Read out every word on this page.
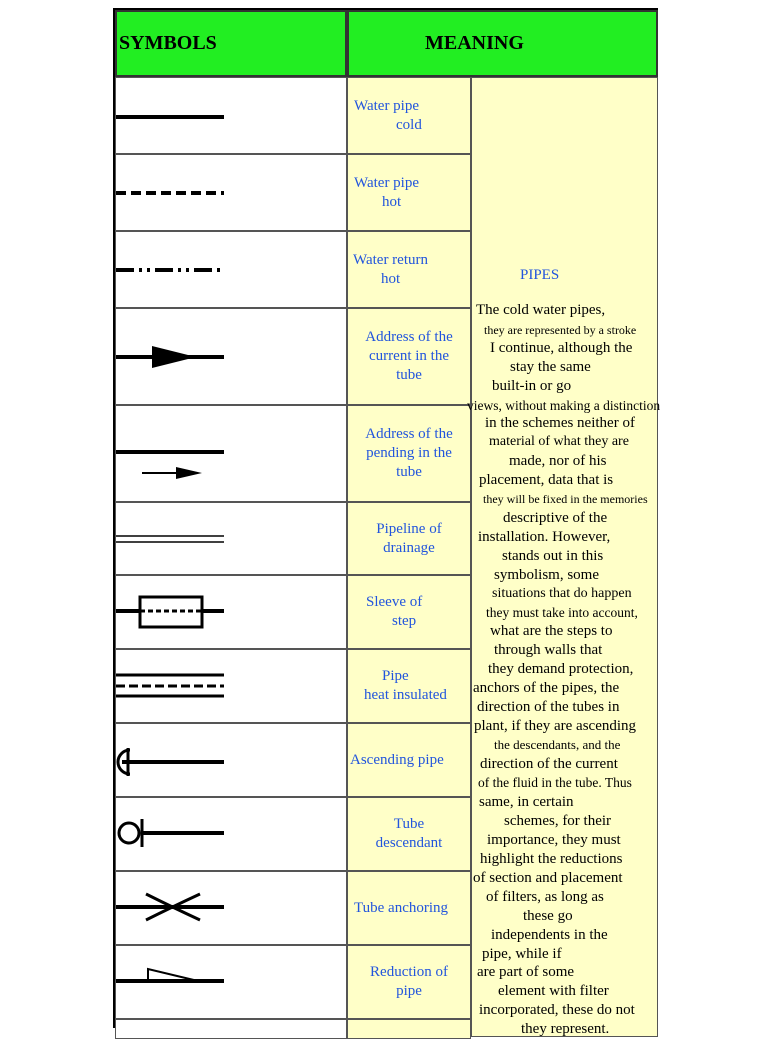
SYMBOLS	MEANING
Water pipe
cold
Water pipe
hot
Water return
hot
Address of the
current in the
tube
Address of the
pending in the
tube
Pipeline of
drainage
Sleeve of
step
Pipe
heat insulated
Ascending pipe
Tube
descendant
Tube anchoring
Reduction of
pipe
PIPES
The cold water pipes,
they are represented by a stroke
I continue, although the
stay the same
built-in or go
views, without making a distinction
in the schemes neither of
material of what they are
made, nor of his
placement, data that is
they will be fixed in the memories
descriptive of the
installation. However,
stands out in this
symbolism, some
situations that do happen
they must take into account,
what are the steps to
through walls that
they demand protection,
anchors of the pipes, the
direction of the tubes in
plant, if they are ascending
the descendants, and the
direction of the current
of the fluid in the tube. Thus
same, in certain
schemes, for their
importance, they must
highlight the reductions
of section and placement
of filters, as long as
these go
independents in the
pipe, while if
are part of some
element with filter
incorporated, these do not
they represent.
